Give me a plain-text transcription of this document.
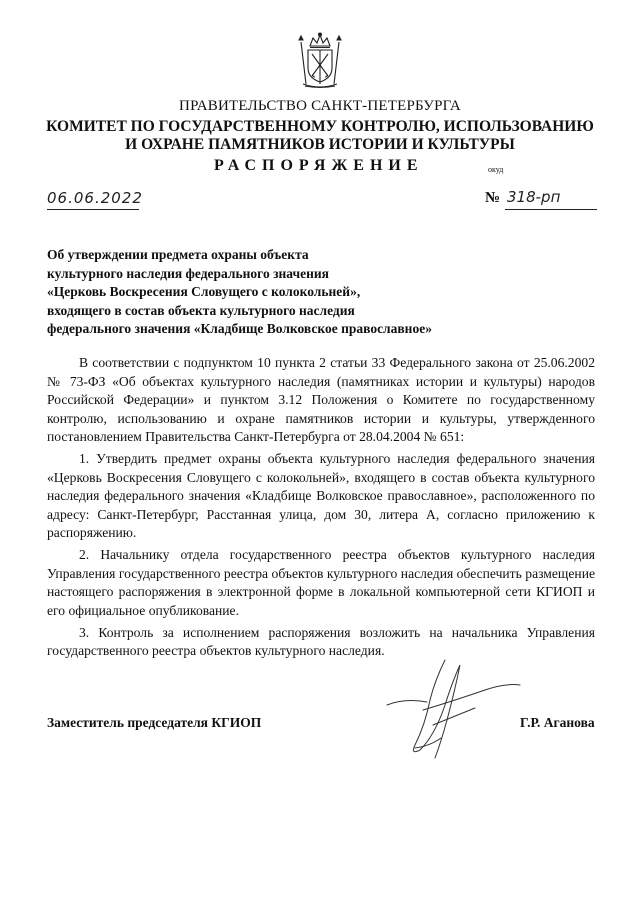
ПРАВИТЕЛЬСТВО САНКТ-ПЕТЕРБУРГА
КОМИТЕТ ПО ГОСУДАРСТВЕННОМУ КОНТРОЛЮ, ИСПОЛЬЗОВАНИЮ
И ОХРАНЕ ПАМЯТНИКОВ ИСТОРИИ И КУЛЬТУРЫ
РАСПОРЯЖЕНИЕ	окуд
06.06.2022	№ 318-рп
Об утверждении предмета охраны объекта
культурного наследия федерального значения
«Церковь Воскресения Словущего с колокольней»,
входящего в состав объекта культурного наследия
федерального значения «Кладбище Волковское православное»

В соответствии с подпунктом 10 пункта 2 статьи 33 Федерального закона от 25.06.2002 № 73-ФЗ «Об объектах культурного наследия (памятниках истории и культуры) народов Российской Федерации» и пунктом 3.12 Положения о Комитете по государственному контролю, использованию и охране памятников истории и культуры, утвержденного постановлением Правительства Санкт-Петербурга от 28.04.2004 № 651:

1. Утвердить предмет охраны объекта культурного наследия федерального значения «Церковь Воскресения Словущего с колокольней», входящего в состав объекта культурного наследия федерального значения «Кладбище Волковское православное», расположенного по адресу: Санкт-Петербург, Расстанная улица, дом 30, литера А, согласно приложению к распоряжению.

2. Начальнику отдела государственного реестра объектов культурного наследия Управления государственного реестра объектов культурного наследия обеспечить размещение настоящего распоряжения в электронной форме в локальной компьютерной сети КГИОП и его официальное опубликование.

3. Контроль за исполнением распоряжения возложить на начальника Управления государственного реестра объектов культурного наследия.

Заместитель председателя КГИОП	Г.Р. Аганова
